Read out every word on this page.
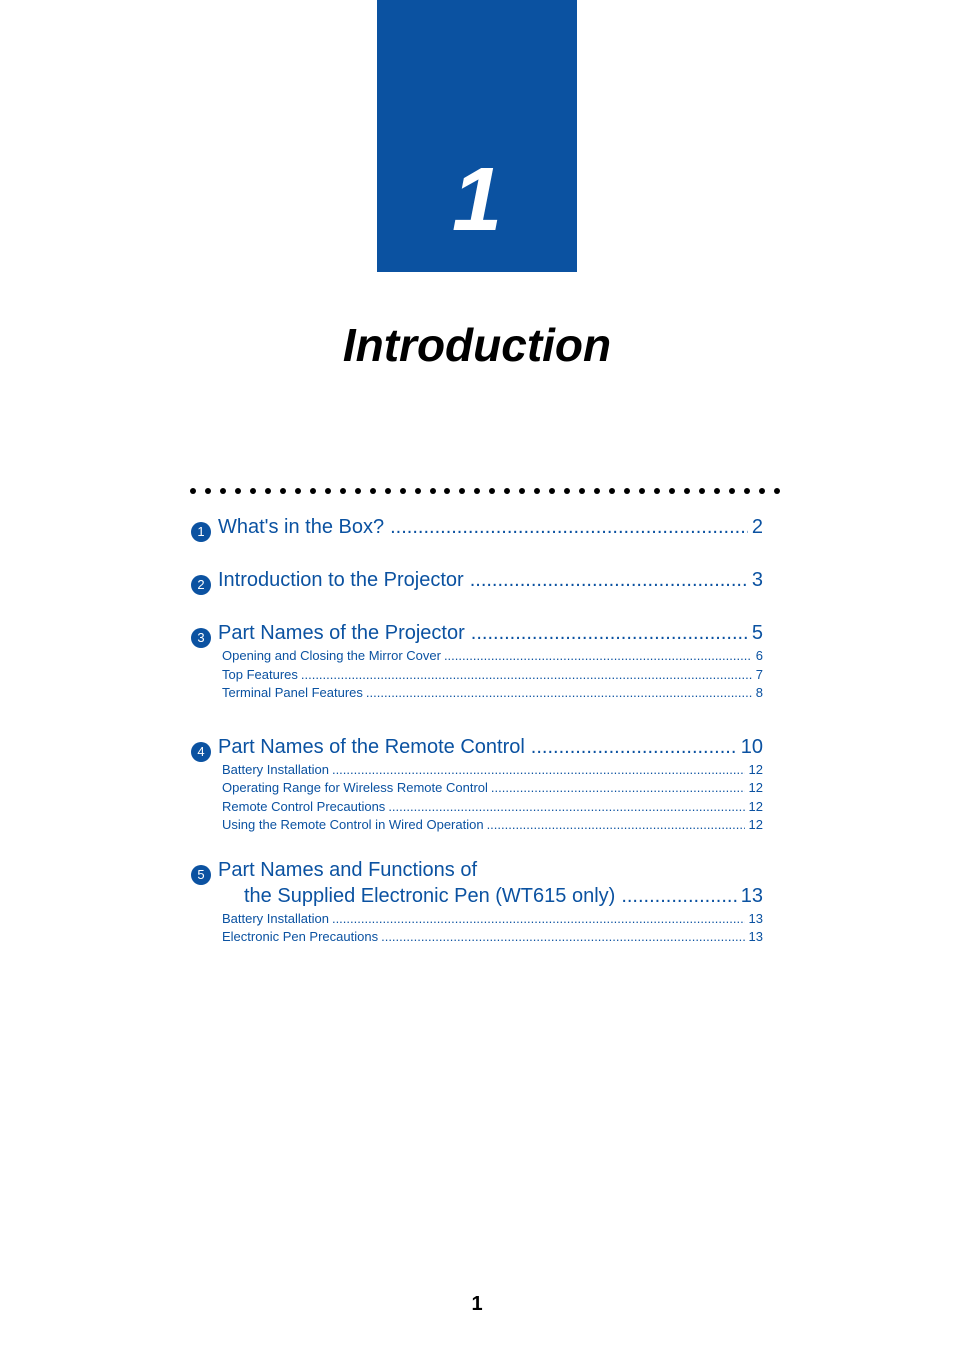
1
Introduction
1 What's in the Box? .....	2
2 Introduction to the Projector .....	3
3 Part Names of the Projector .....	5
Opening and Closing the Mirror Cover .....	6
Top Features .....	7
Terminal Panel Features .....	8
4 Part Names of the Remote Control .....	10
Battery Installation .....	12
Operating Range for Wireless Remote Control .....	12
Remote Control Precautions .....	12
Using the Remote Control in Wired Operation .....	12
5 Part Names and Functions of
the Supplied Electronic Pen (WT615 only) .....	13
Battery Installation .....	13
Electronic Pen Precautions .....	13
1
